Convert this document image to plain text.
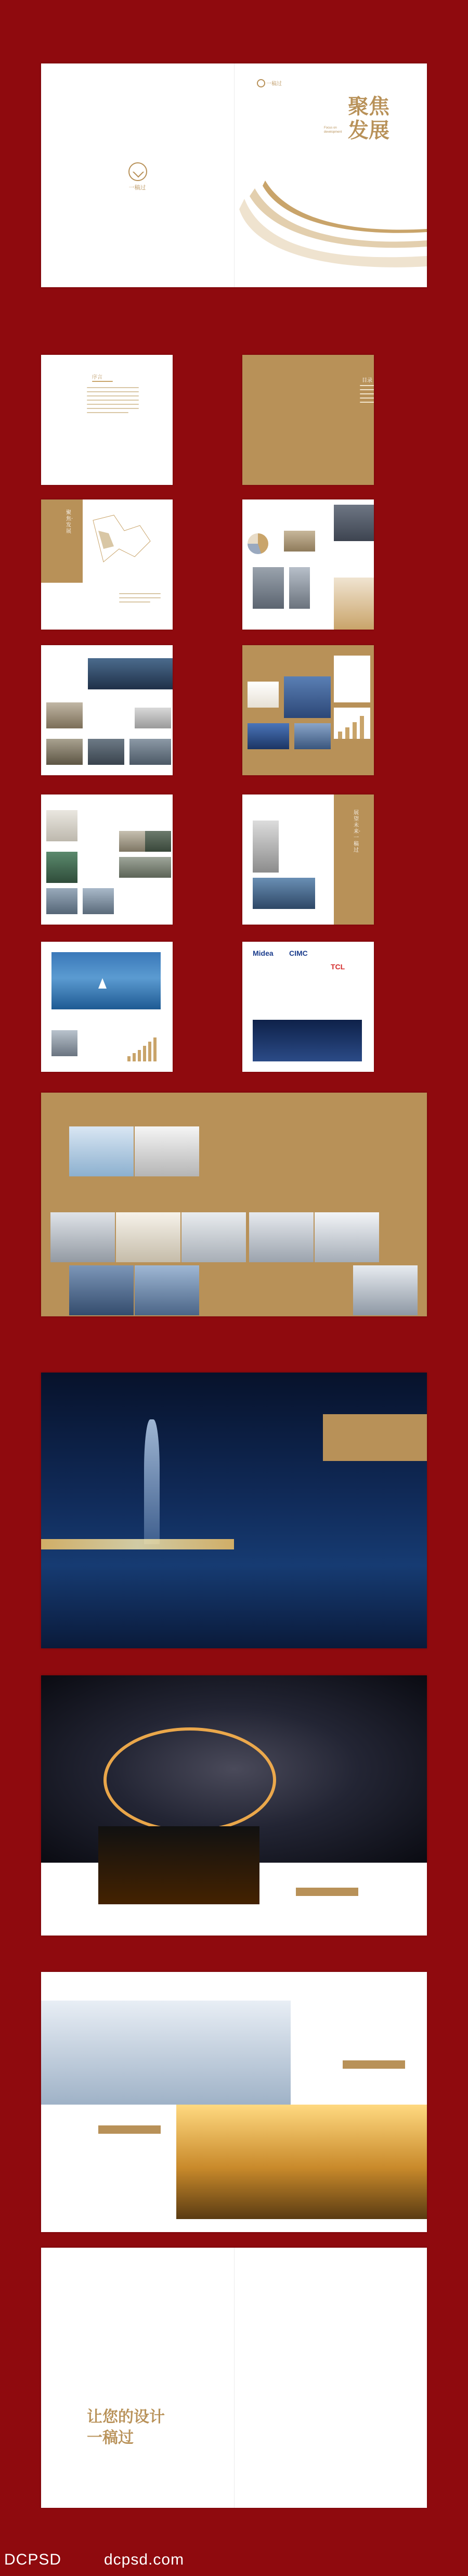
一稿过
一稿过
聚焦发展
Focus on development
序言
目录
聚焦·发展
展望未来·一稿过
Midea CIMC
TCL
让您的设计
一稿过
DCPSD	dcpsd.com
